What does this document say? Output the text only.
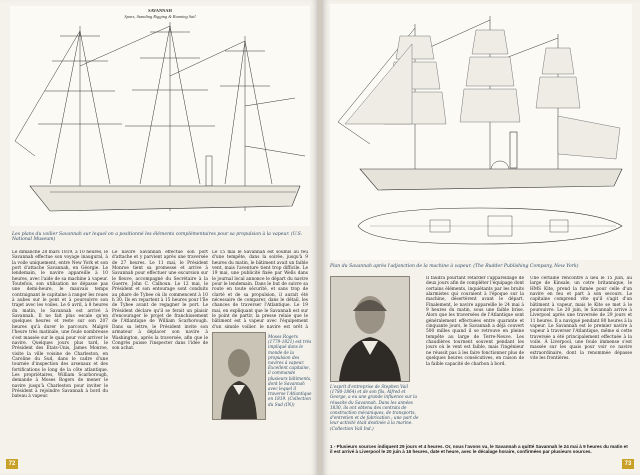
SAVANNAH
Spars, Standing Rigging & Running Sail
Les plans du voilier Savannah sur lequel on a positionné les éléments complémentaires pour sa propulsion à la vapeur. (U.S. National Museum)

Le dimanche 28 mars 1819, à 10 heures, le Savannah effectue son voyage inaugural, à la voile uniquement, entre New York et son port d'attache Savannah, en Géorgie. Le lendemain, le navire appareille à 10 heures, avec l'aide de sa machine à vapeur. Toutefois, son utilisation ne dépasse pas une demi-heure, le mauvais temps contraignant le capitaine à ranger les roues à aubes sur le pont et à poursuivre son trajet avec les voiles. Le 6 avril, à 8 heures du matin, le Savannah est arrivé à Savannah. Il ne fait plus escale qu'en quelques heures et reste sur son 207 heures qu'à durer le parcours. Malgré l'heure très matinale, une foule nombreuse s'est massée sur le quai pour voir arriver le navire. Quelques jours plus tard, le Président des États-Unis, James Monroe, visite la ville voisine de Charleston, en Caroline du Sud, dans le cadre d'une tournée d'inspection des arsenaux et des fortifications le long de la côte atlantique. Les propriétaires, William Scarborough, demande à Moses Rogers de mener le navire jusqu'à Charleston pour inviter le Président à rejoindre Savannah à bord du bateau à vapeur.

Le navire Savannah effectue son port d'attache et y parvient après une traversée de 27 heures. Le 11 mai, le Président Monroe tient sa promesse et arrive à Savannah pour effectuer une excursion sur le fleuve, accompagné du Secrétaire à la Guerre, John C. Calhoun. Le 12 mai, le Président et son entourage sont conduits au phare de Tybee où ils commencent à 10 h 30. Ils en repartent à 15 heures pour l'île de Tybee avant de regagner le port. Le Président déclare qu'il se ferait un plaisir d'encourager le projet de franchissement de l'Atlantique de William Scarborough. Dans sa lettre, le Président invite son armateur à déplacer son navire à Washington, après la traversée, afin que le Congrès puisse l'inspecter dans l'idée de son achat.

Le 15 mai le Savannah est soumis au feu d'une tempête, dans la soirée, jusqu'à 9 heures du matin, le bâtiment avait un faible vent, mais l'aventure tient trop difficile. Le 19 mai, une publicité fixée par Wells dans le journal local annonce le départ du navire pour le lendemain. Dans le but de suivre sa route en toute sécurité, et sans trop de clarté et de sa propulsion, il aurait été nécessaire de comparer, dans le détail, les chances de traverser l'Atlantique. Le 19 mai, en expliquant que le Savannah est sur le point de partir, la presse relaie que le bâtiment est à vapeur avec l'équipement d'un simple voilier, le navire est prêt à

Moses Rogers (1779-1821) est très impliqué dans le monde de la propulsion des navires à vapeur. Excellent capitaine, il commande plusieurs bâtiments, dont le Savannah avec lequel il traverse l'Atlantique en 1819. (Collection du Sud (IN))
72
Plan du Savannah après l'adjonction de la machine à vapeur. (The Rudder Publishing Company, New York)
L'esprit d'entreprise de Stephen Vail (1780-1864) et de son fils, Alfred et George, a eu une grande influence sur la réussite du Savannah. Dans les années 1830, ils ont obtenu des contrats de construction mécaniques, de transports, d'entretien et de fabrication ; une part de leur activité était destinée à la marine. (Collection Vail Ind.)

Il faudra pourtant retarder l'appareillage de deux jours afin de compléter l'équipage dont certains éléments, inquiétants par les bruits alarmistes qui couraient à l'époque sur la machine, désertèrent avant le départ. Finalement, le navire appareille le 24 mai à 9 heures du matin, sous une faible brise. Alors que les traversées de l'Atlantique sont généralement effectuées entre quarante et cinquante jours, le Savannah a déjà couvert 500 milles quand il se retrouve en pleine tempête au large de Terre-Neuve. Les chaudières tournent souvent pendant les jours où le vent est faible, mais l'ingénieur ne réussit pas à les faire fonctionner plus de quelques heures consécutives, en raison de la faible capacité de charbon à bord.

Une certaine rencontre a lieu le 15 juin, au large de Kinsale, un cotre britannique, le HMS Kite, prend la fumée pour celle d'un navire en feu et part à son secours. Le capitaine comprend vite qu'il s'agit d'un bâtiment à vapeur, mais le Kite se met à le poursuivre. Le 20 juin, le Savannah arrive à Liverpool après une traversée de 29 jours et 11 heures. Il a navigué pendant 80 heures à la vapeur. Le Savannah est le premier navire à vapeur à traverser l'Atlantique, même si cette traversée a été principalement effectuée à la voile. À Liverpool, une foule immense s'est massée sur les quais pour voir ce navire extraordinaire, dont la renommée dépasse vite les frontières.

1 - Plusieurs sources indiquent 29 jours et 4 heures. Or, nous l'avons vu, le Savannah a quitté Savannah le 24 mai à 9 heures du matin et il est arrivé à Liverpool le 20 juin à 16 heures, date et heure, avec le décalage horaire, confirmées par plusieurs sources.
73
